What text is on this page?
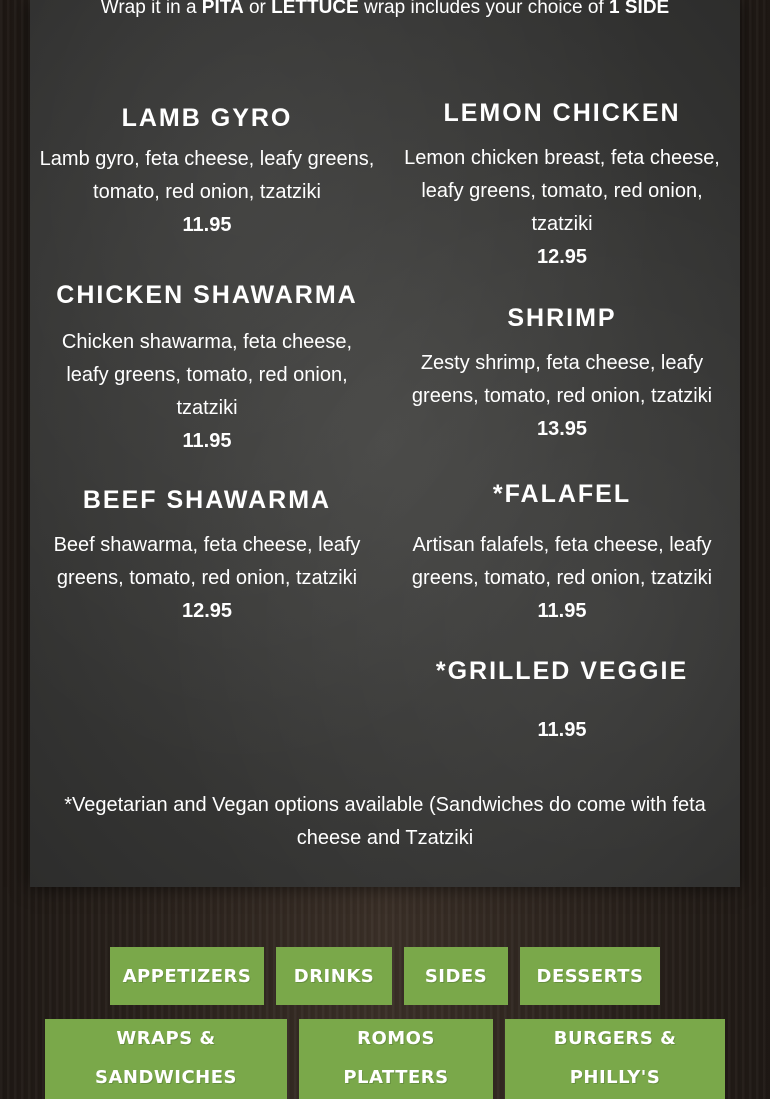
Wrap it in a PITA or LETTUCE wrap includes your choice of 1 SIDE
LAMB GYRO
Lamb gyro, feta cheese, leafy greens, tomato, red onion, tzatziki
11.95
CHICKEN SHAWARMA
Chicken shawarma, feta cheese, leafy greens, tomato, red onion, tzatziki
11.95
BEEF SHAWARMA
Beef shawarma, feta cheese, leafy greens, tomato, red onion, tzatziki
12.95
LEMON CHICKEN
Lemon chicken breast, feta cheese, leafy greens, tomato, red onion, tzatziki
12.95
SHRIMP
Zesty shrimp, feta cheese, leafy greens, tomato, red onion, tzatziki
13.95
*FALAFEL
Artisan falafels, feta cheese, leafy greens, tomato, red onion, tzatziki
11.95
*GRILLED VEGGIE
11.95
*Vegetarian and Vegan options available (Sandwiches do come with feta cheese and Tzatziki
APPETIZERS DRINKS	SIDES	DESSERTS
WRAPS &
SANDWICHES
ROMOS
PLATTERS
BURGERS &
PHILLY'S
